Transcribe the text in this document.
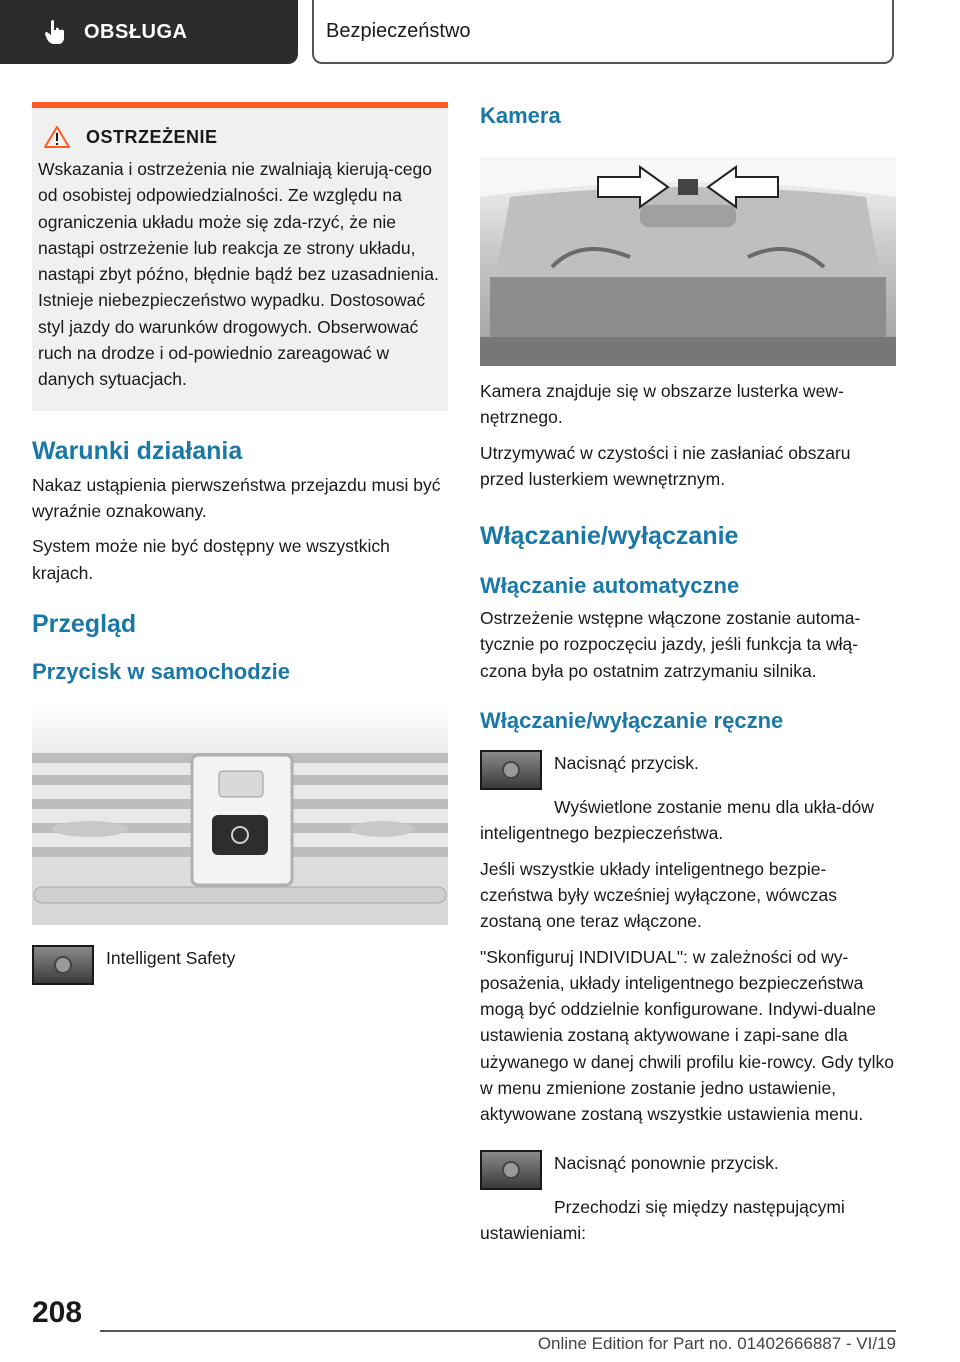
OBSŁUGA	Bezpieczeństwo
OSTRZEŻENIE
Wskazania i ostrzeżenia nie zwalniają kierują-cego od osobistej odpowiedzialności. Ze względu na ograniczenia układu może się zda-rzyć, że nie nastąpi ostrzeżenie lub reakcja ze strony układu, nastąpi zbyt późno, błędnie bądź bez uzasadnienia. Istnieje niebezpieczeństwo wypadku. Dostosować styl jazdy do warunków drogowych. Obserwować ruch na drodze i od-powiednio zareagować w danych sytuacjach.
Warunki działania

Nakaz ustąpienia pierwszeństwa przejazdu musi być wyraźnie oznakowany.

System może nie być dostępny we wszystkich krajach.

Przegląd
Przycisk w samochodzie

Intelligent Safety

Kamera

Kamera znajduje się w obszarze lusterka wew-nętrznego.

Utrzymywać w czystości i nie zasłaniać obszaru przed lusterkiem wewnętrznym.

Włączanie/wyłączanie
Włączanie automatyczne

Ostrzeżenie wstępne włączone zostanie automa-tycznie po rozpoczęciu jazdy, jeśli funkcja ta włą-czona była po ostatnim zatrzymaniu silnika.

Włączanie/wyłączanie ręczne

Nacisnąć przycisk.

Wyświetlone zostanie menu dla ukła-dów inteligentnego bezpieczeństwa.

Jeśli wszystkie układy inteligentnego bezpie-czeństwa były wcześniej wyłączone, wówczas zostaną one teraz włączone.

"Skonfiguruj INDIVIDUAL": w zależności od wy-posażenia, układy inteligentnego bezpieczeństwa mogą być oddzielnie konfigurowane. Indywi-dualne ustawienia zostaną aktywowane i zapi-sane dla używanego w danej chwili profilu kie-rowcy. Gdy tylko w menu zmienione zostanie jedno ustawienie, aktywowane zostaną wszystkie ustawienia menu.

Nacisnąć ponownie przycisk.

Przechodzi się między następującymi ustawieniami:

208
Online Edition for Part no. 01402666887 - VI/19
